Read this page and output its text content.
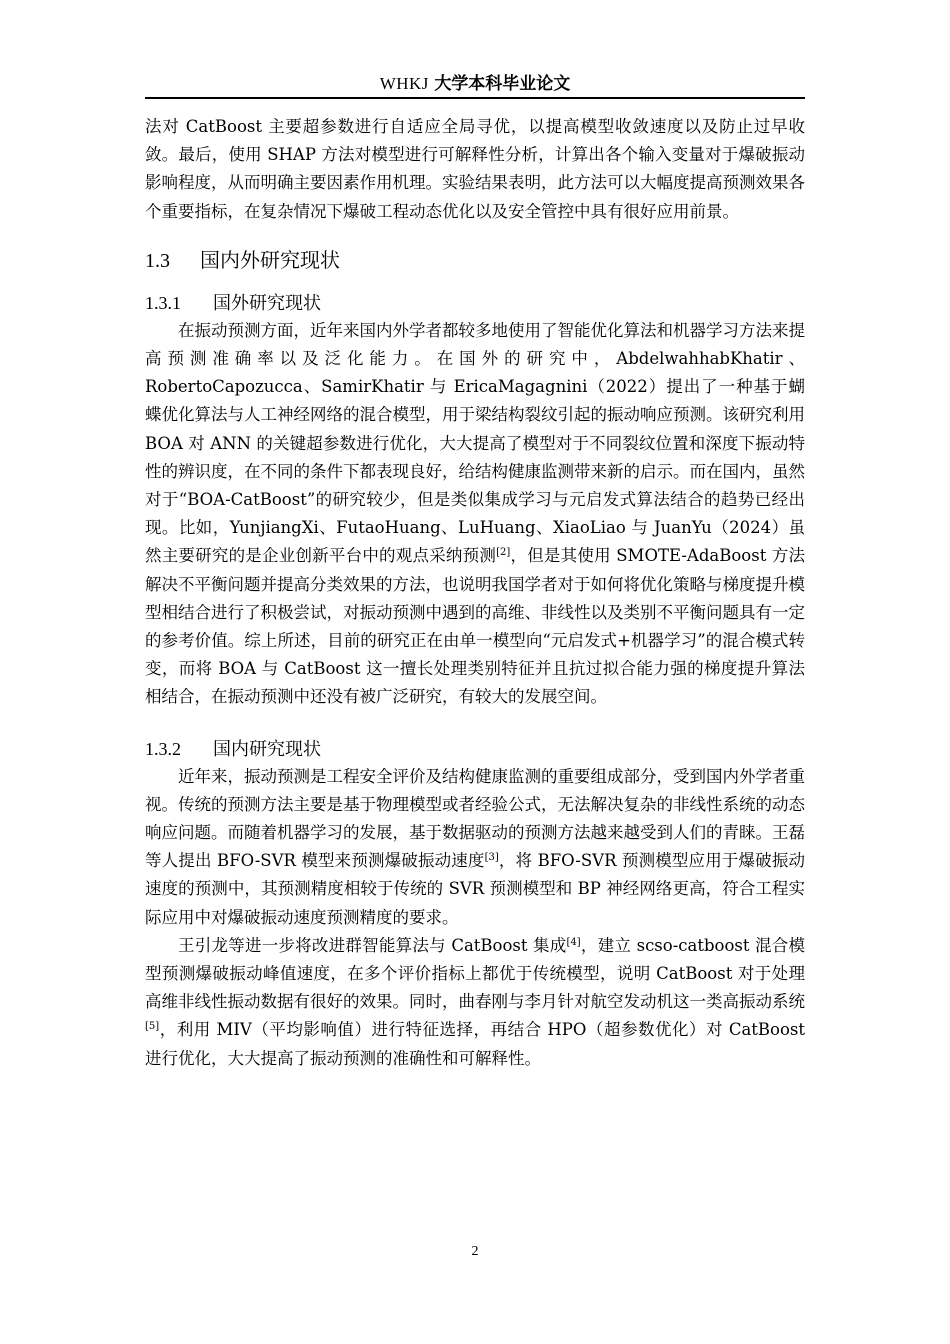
WHKJ 大学本科毕业论文

法对 CatBoost 主要超参数进行自适应全局寻优，以提高模型收敛速度以及防止过早收敛。最后，使用 SHAP 方法对模型进行可解释性分析，计算出各个输入变量对于爆破振动影响程度，从而明确主要因素作用机理。实验结果表明，此方法可以大幅度提高预测效果各个重要指标，在复杂情况下爆破工程动态优化以及安全管控中具有很好应用前景。

1.3 国内外研究现状
1.3.1 国外研究现状

在振动预测方面，近年来国内外学者都较多地使用了智能优化算法和机器学习方法来提高预测准确率以及泛化能力。在国外的研究中，AbdelwahhabKhatir、RobertoCapozucca、SamirKhatir 与 EricaMagagnini（2022）提出了一种基于蝴蝶优化算法与人工神经网络的混合模型，用于梁结构裂纹引起的振动响应预测。该研究利用 BOA 对 ANN 的关键超参数进行优化，大大提高了模型对于不同裂纹位置和深度下振动特性的辨识度，在不同的条件下都表现良好，给结构健康监测带来新的启示。而在国内，虽然对于“BOA-CatBoost”的研究较少，但是类似集成学习与元启发式算法结合的趋势已经出现。比如，YunjiangXi、FutaoHuang、LuHuang、XiaoLiao 与 JuanYu（2024）虽然主要研究的是企业创新平台中的观点采纳预测[2]，但是其使用 SMOTE-AdaBoost 方法解决不平衡问题并提高分类效果的方法，也说明我国学者对于如何将优化策略与梯度提升模型相结合进行了积极尝试，对振动预测中遇到的高维、非线性以及类别不平衡问题具有一定的参考价值。综上所述，目前的研究正在由单一模型向“元启发式+机器学习”的混合模式转变，而将 BOA 与 CatBoost 这一擅长处理类别特征并且抗过拟合能力强的梯度提升算法相结合，在振动预测中还没有被广泛研究，有较大的发展空间。

1.3.2 国内研究现状

近年来，振动预测是工程安全评价及结构健康监测的重要组成部分，受到国内外学者重视。传统的预测方法主要是基于物理模型或者经验公式，无法解决复杂的非线性系统的动态响应问题。而随着机器学习的发展，基于数据驱动的预测方法越来越受到人们的青睐。王磊等人提出 BFO-SVR 模型来预测爆破振动速度[3]，将 BFO-SVR 预测模型应用于爆破振动速度的预测中，其预测精度相较于传统的 SVR 预测模型和 BP 神经网络更高，符合工程实际应用中对爆破振动速度预测精度的要求。

王引龙等进一步将改进群智能算法与 CatBoost 集成[4]，建立 scso-catboost 混合模型预测爆破振动峰值速度，在多个评价指标上都优于传统模型，说明 CatBoost 对于处理高维非线性振动数据有很好的效果。同时，曲春刚与李月针对航空发动机这一类高振动系统[5]，利用 MIV（平均影响值）进行特征选择，再结合 HPO（超参数优化）对 CatBoost 进行优化，大大提高了振动预测的准确性和可解释性。

2
